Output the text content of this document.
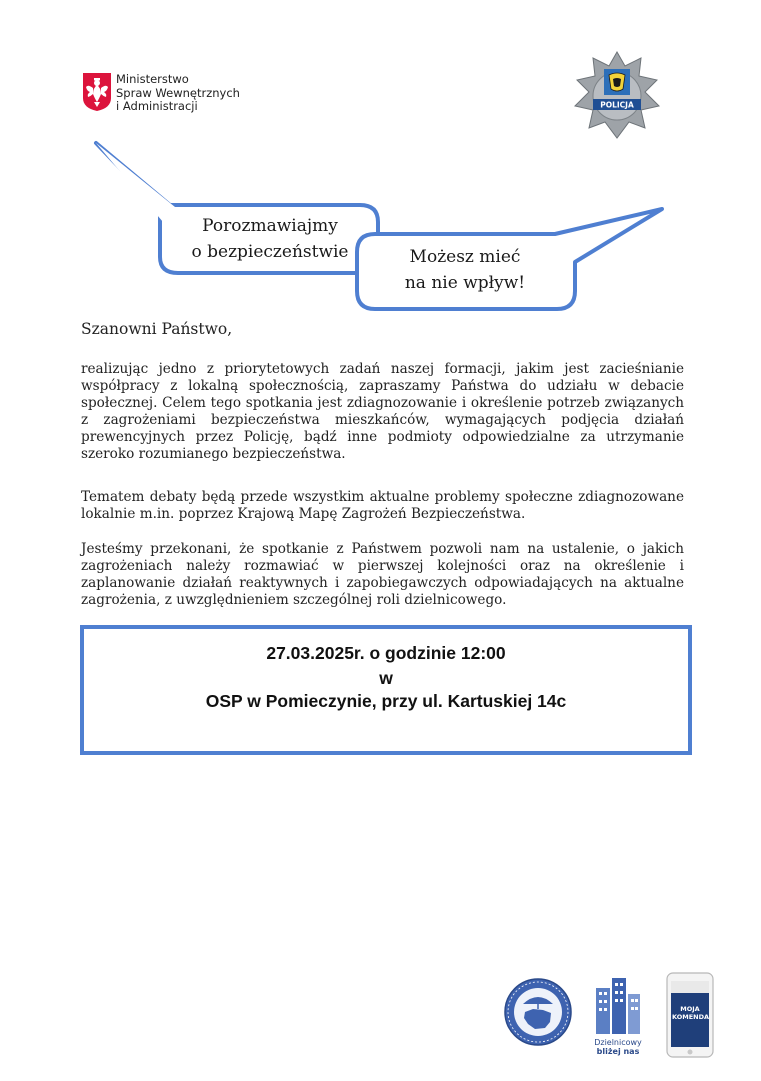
Ministerstwo
Spraw Wewnętrznych
i Administracji	POLICJA
Porozmawiajmy
o bezpieczeństwie	Możesz mieć
na nie wpływ!
Szanowni Państwo,

realizując jedno z priorytetowych zadań naszej formacji, jakim jest zacieśnianie współpracy z lokalną społecznością, zapraszamy Państwa do udziału w debacie społecznej. Celem tego spotkania jest zdiagnozowanie i określenie potrzeb związanych z zagrożeniami bezpieczeństwa mieszkańców, wymagających podjęcia działań prewencyjnych przez Policję, bądź inne podmioty odpowiedzialne za utrzymanie szeroko rozumianego bezpieczeństwa.

Tematem debaty będą przede wszystkim aktualne problemy społeczne zdiagnozowane lokalnie m.in. poprzez Krajową Mapę Zagrożeń Bezpieczeństwa.

Jesteśmy przekonani, że spotkanie z Państwem pozwoli nam na ustalenie, o jakich zagrożeniach należy rozmawiać w pierwszej kolejności oraz na określenie i zaplanowanie działań reaktywnych i zapobiegawczych odpowiadających na aktualne zagrożenia, z uwzględnieniem szczególnej roli dzielnicowego.

27.03.2025r. o godzinie 12:00
w
OSP w Pomieczynie, przy ul. Kartuskiej 14c
Dzielnicowy
bliżej nas
MOJA
KOMENDA
